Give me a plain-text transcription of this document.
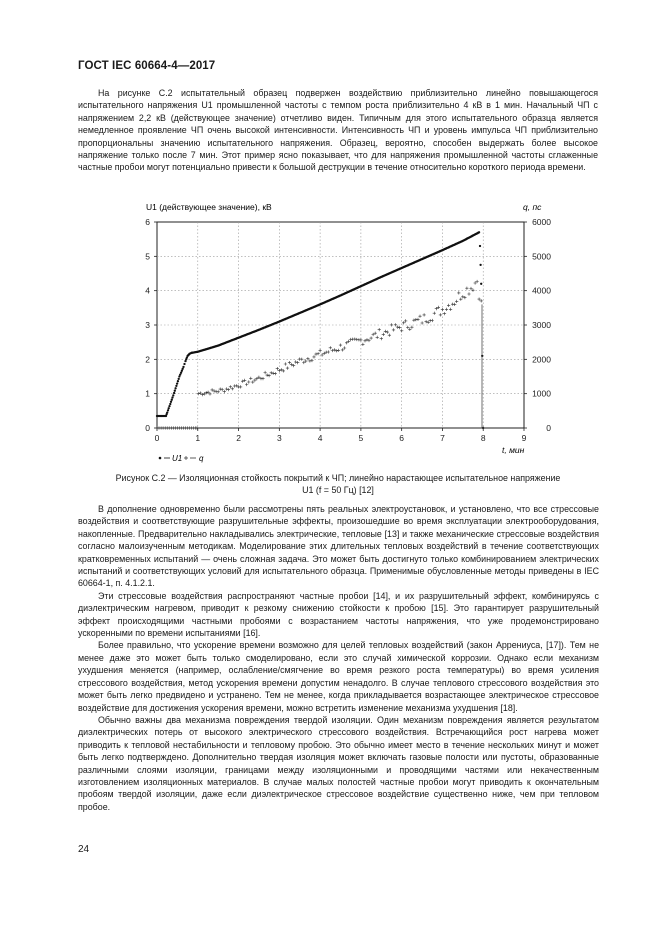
ГОСТ IEC 60664-4—2017

На рисунке С.2 испытательный образец подвержен воздействию приблизительно линейно повышающегося испытательного напряжения U1 промышленной частоты с темпом роста приблизительно 4 кВ в 1 мин. Начальный ЧП с напряжением 2,2 кВ (действующее значение) отчетливо виден. Типичным для этого испытательного образца является немедленное проявление ЧП очень высокой интенсивности. Интенсивность ЧП и уровень импульса ЧП приблизительно пропорциональны значению испытательного напряжения. Образец, вероятно, способен выдержать более высокое напряжение только после 7 мин. Этот пример ясно показывает, что для напряжения промышленной частоты сглаженные частные пробои могут потенциально привести к большой деструкции в течение относительно короткого периода времени.

0	1	2	3	4	5	6	7	8	9
0
1
2
3
4
5
6
0
1000
2000
3000
4000
5000
6000
U1 (действующее значение), кВ	q, пс
t, мин
U1 q
Рисунок С.2 — Изоляционная стойкость покрытий к ЧП; линейно нарастающее испытательное напряжение
U1 (f = 50 Гц) [12]

В дополнение одновременно были рассмотрены пять реальных электроустановок, и установлено, что все стрессовые воздействия и соответствующие разрушительные эффекты, произошедшие во время эксплуатации электрооборудования, накопленные. Предварительно накладывались электрические, тепловые [13] и также механические стрессовые воздействия согласно малоизученным методикам. Моделирование этих длительных тепловых воздействий в течение соответствующих кратковременных испытаний — очень сложная задача. Это может быть достигнуто только комбинированием электрических испытаний и соответствующих условий для испытательного образца. Применимые обусловленные методы приведены в IEC 60664-1, п. 4.1.2.1.

Эти стрессовые воздействия распространяют частные пробои [14], и их разрушительный эффект, комбинируясь с диэлектрическим нагревом, приводит к резкому снижению стойкости к пробою [15]. Это гарантирует разрушительный эффект происходящими частными пробоями с возрастанием частоты напряжения, что уже продемонстрировано ускоренными по времени испытаниями [16].

Более правильно, что ускорение времени возможно для целей тепловых воздействий (закон Аррениуса, [17]). Тем не менее даже это может быть только смоделировано, если это случай химической коррозии. Однако если механизм ухудшения меняется (например, ослабление/смягчение во время резкого роста температуры) во время усиления стрессового воздействия, метод ускорения времени допустим ненадолго. В случае теплового стрессового воздействия это может быть легко предвидено и устранено. Тем не менее, когда прикладывается возрастающее электрическое стрессовое воздействие для достижения ускорения времени, можно встретить изменение механизма ухудшения [18].

Обычно важны два механизма повреждения твердой изоляции. Один механизм повреждения является результатом диэлектрических потерь от высокого электрического стрессового воздействия. Встречающийся рост нагрева может приводить к тепловой нестабильности и тепловому пробою. Это обычно имеет место в течение нескольких минут и может быть легко подтверждено. Дополнительно твердая изоляция может включать газовые полости или пустоты, образованные различными слоями изоляции, границами между изоляционными и проводящими частями или некачественным изготовлением изоляционных материалов. В случае малых полостей частные пробои могут приводить к окончательным пробоям твердой изоляции, даже если диэлектрическое стрессовое воздействие существенно ниже, чем при тепловом пробое.

24
